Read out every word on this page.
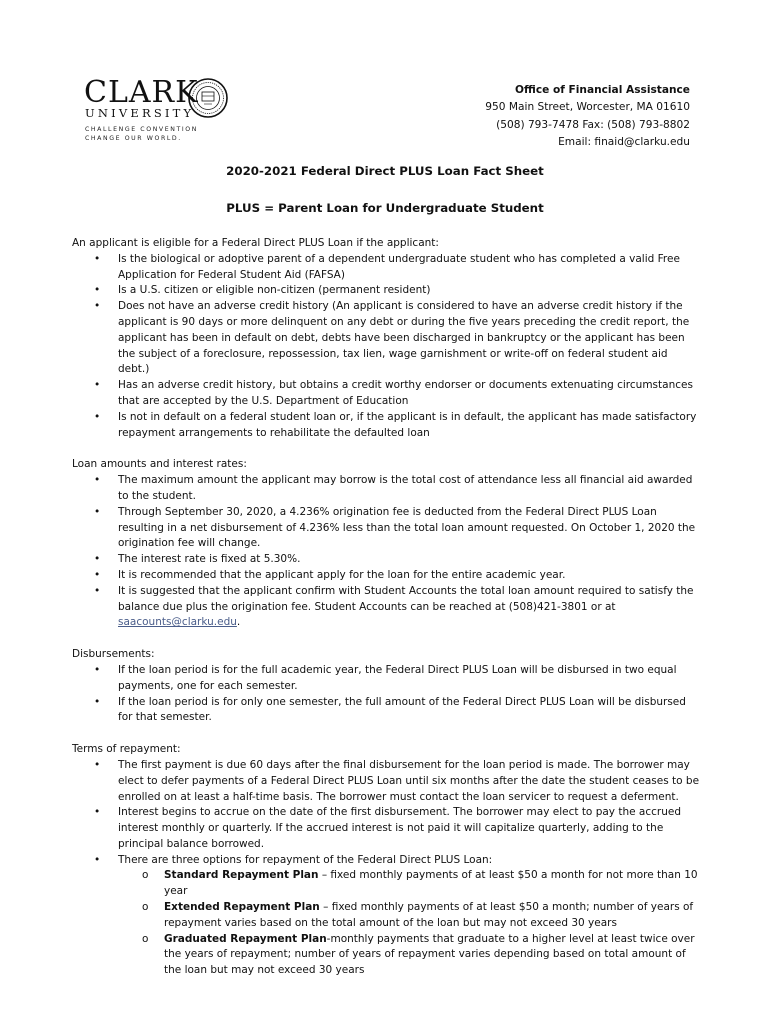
CLARK
UNIVERSITY
CHALLENGE CONVENTION
CHANGE OUR WORLD.
Office of Financial Assistance
950 Main Street, Worcester, MA 01610
(508) 793-7478 Fax: (508) 793-8802
Email: finaid@clarku.edu
2020-2021 Federal Direct PLUS Loan Fact Sheet
PLUS = Parent Loan for Undergraduate Student

An applicant is eligible for a Federal Direct PLUS Loan if the applicant:

• Is the biological or adoptive parent of a dependent undergraduate student who has completed a valid Free Application for Federal Student Aid (FAFSA)
• Is a U.S. citizen or eligible non-citizen (permanent resident)
• Does not have an adverse credit history (An applicant is considered to have an adverse credit history if the applicant is 90 days or more delinquent on any debt or during the five years preceding the credit report, the applicant has been in default on debt, debts have been discharged in bankruptcy or the applicant has been the subject of a foreclosure, repossession, tax lien, wage garnishment or write-off on federal student aid debt.)
• Has an adverse credit history, but obtains a credit worthy endorser or documents extenuating circumstances that are accepted by the U.S. Department of Education
• Is not in default on a federal student loan or, if the applicant is in default, the applicant has made satisfactory repayment arrangements to rehabilitate the defaulted loan

Loan amounts and interest rates:

• The maximum amount the applicant may borrow is the total cost of attendance less all financial aid awarded to the student.
• Through September 30, 2020, a 4.236% origination fee is deducted from the Federal Direct PLUS Loan resulting in a net disbursement of 4.236% less than the total loan amount requested. On October 1, 2020 the origination fee will change.
• The interest rate is fixed at 5.30%.
• It is recommended that the applicant apply for the loan for the entire academic year.
• It is suggested that the applicant confirm with Student Accounts the total loan amount required to satisfy the balance due plus the origination fee. Student Accounts can be reached at (508)421-3801 or at saacounts@clarku.edu.

Disbursements:

• If the loan period is for the full academic year, the Federal Direct PLUS Loan will be disbursed in two equal payments, one for each semester.
• If the loan period is for only one semester, the full amount of the Federal Direct PLUS Loan will be disbursed for that semester.

Terms of repayment:

• The first payment is due 60 days after the final disbursement for the loan period is made. The borrower may elect to defer payments of a Federal Direct PLUS Loan until six months after the date the student ceases to be enrolled on at least a half-time basis. The borrower must contact the loan servicer to request a deferment.
• Interest begins to accrue on the date of the first disbursement. The borrower may elect to pay the accrued interest monthly or quarterly. If the accrued interest is not paid it will capitalize quarterly, adding to the principal balance borrowed.
• There are three options for repayment of the Federal Direct PLUS Loan:
o Standard Repayment Plan – fixed monthly payments of at least $50 a month for not more than 10 year
o Extended Repayment Plan – fixed monthly payments of at least $50 a month; number of years of repayment varies based on the total amount of the loan but may not exceed 30 years
o Graduated Repayment Plan-monthly payments that graduate to a higher level at least twice over the years of repayment; number of years of repayment varies depending based on total amount of the loan but may not exceed 30 years
